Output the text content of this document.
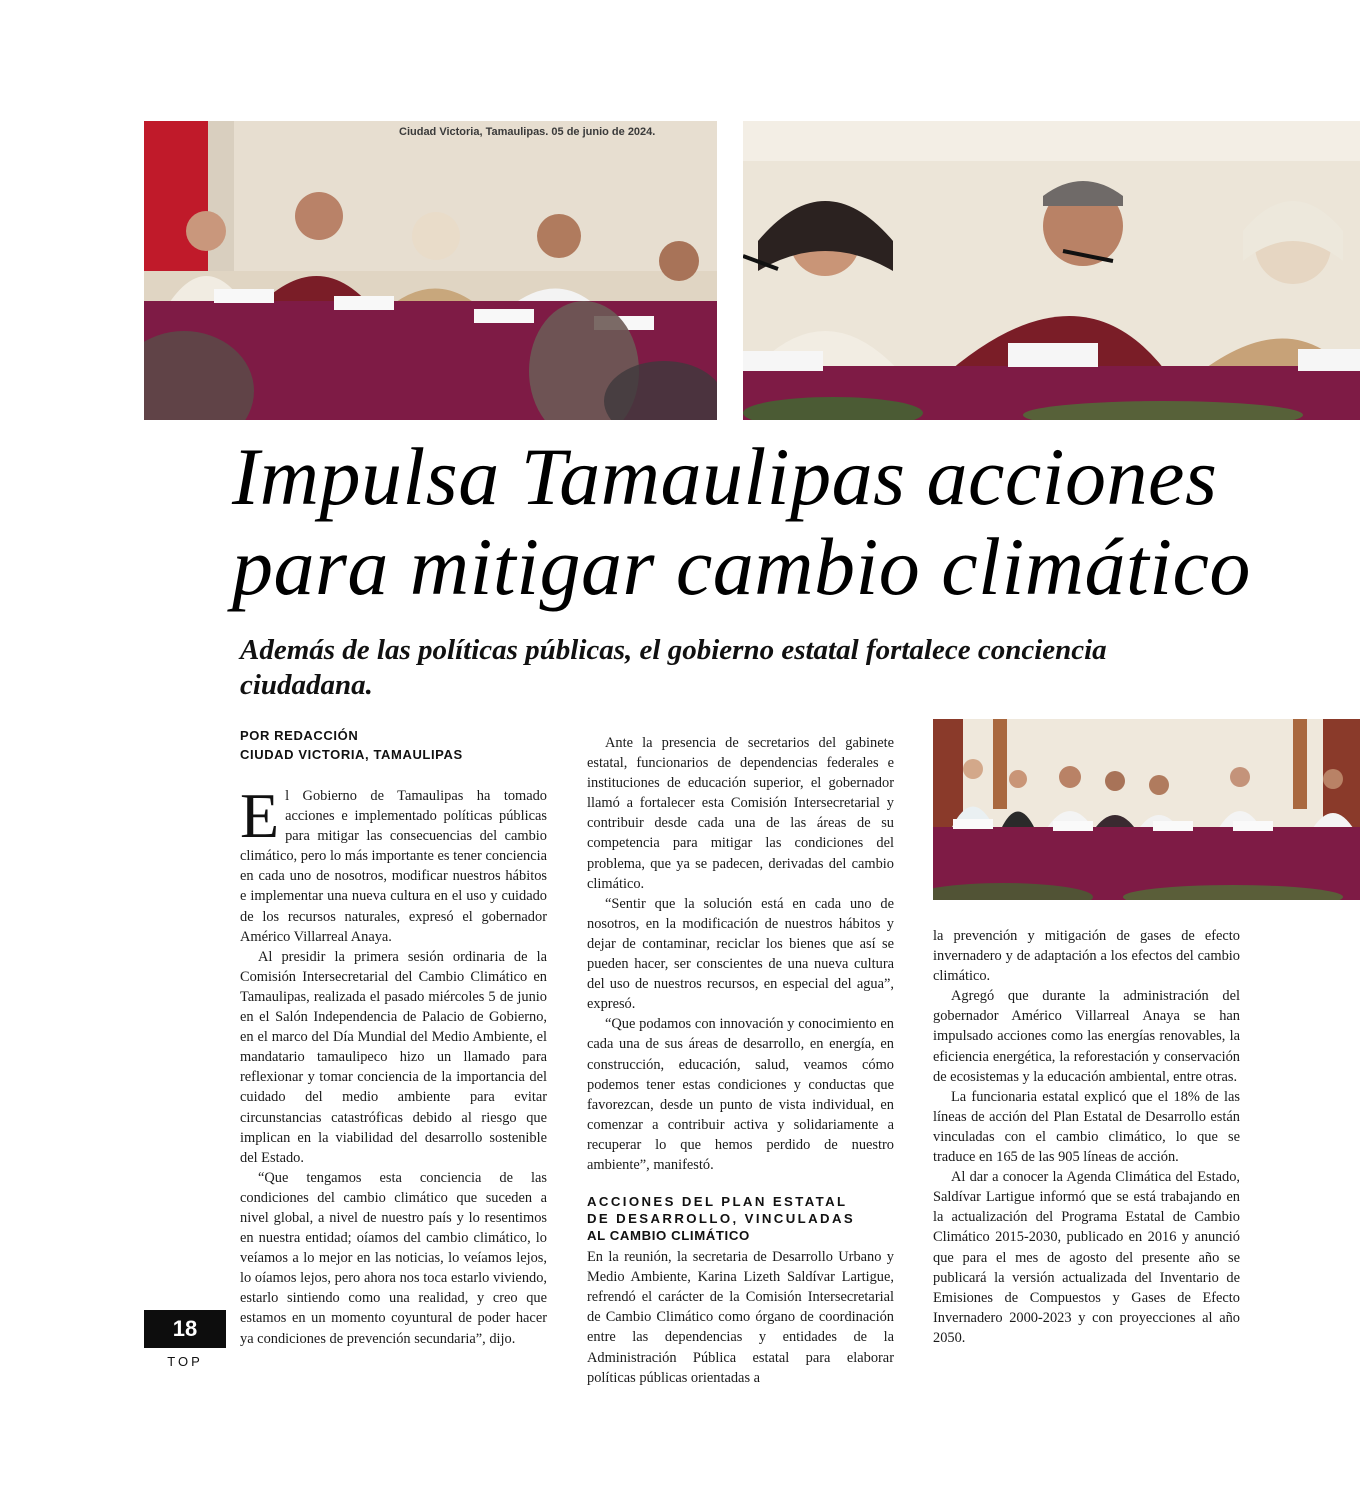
Ciudad Victoria, Tamaulipas. 05 de junio de 2024.
Impulsa Tamaulipas acciones
para mitigar cambio climático
Además de las políticas públicas, el gobierno estatal fortalece conciencia ciudadana.
POR REDACCIÓN
CIUDAD VICTORIA, TAMAULIPAS

El Gobierno de Tamaulipas ha tomado acciones e implementado políticas públicas para mitigar las consecuencias del cambio climático, pero lo más importante es tener conciencia en cada uno de nosotros, modificar nuestros hábitos e implementar una nueva cultura en el uso y cuidado de los recursos naturales, expresó el gobernador Américo Villarreal Anaya.

Al presidir la primera sesión ordinaria de la Comisión Intersecretarial del Cambio Climático en Tamaulipas, realizada el pasado miércoles 5 de junio en el Salón Independencia de Palacio de Gobierno, en el marco del Día Mundial del Medio Ambiente, el mandatario tamaulipeco hizo un llamado para reflexionar y tomar conciencia de la importancia del cuidado del medio ambiente para evitar circunstancias catastróficas debido al riesgo que implican en la viabilidad del desarrollo sostenible del Estado.

“Que tengamos esta conciencia de las condiciones del cambio climático que suceden a nivel global, a nivel de nuestro país y lo resentimos en nuestra entidad; oíamos del cambio climático, lo veíamos a lo mejor en las noticias, lo veíamos lejos, lo oíamos lejos, pero ahora nos toca estarlo viviendo, estarlo sintiendo como una realidad, y creo que estamos en un momento coyuntural de poder hacer ya condiciones de prevención secundaria”, dijo.

Ante la presencia de secretarios del gabinete estatal, funcionarios de dependencias federales e instituciones de educación superior, el gobernador llamó a fortalecer esta Comisión Intersecretarial y contribuir desde cada una de las áreas de su competencia para mitigar las condiciones del problema, que ya se padecen, derivadas del cambio climático.

“Sentir que la solución está en cada uno de nosotros, en la modificación de nuestros hábitos y dejar de contaminar, reciclar los bienes que así se pueden hacer, ser conscientes de una nueva cultura del uso de nuestros recursos, en especial del agua”, expresó.

“Que podamos con innovación y conocimiento en cada una de sus áreas de desarrollo, en energía, en construcción, educación, salud, veamos cómo podemos tener estas condiciones y conductas que favorezcan, desde un punto de vista individual, en comenzar a contribuir activa y solidariamente a recuperar lo que hemos perdido de nuestro ambiente”, manifestó.

ACCIONES DEL PLAN ESTATAL
DE DESARROLLO, VINCULADAS
AL CAMBIO CLIMÁTICO

En la reunión, la secretaria de Desarrollo Urbano y Medio Ambiente, Karina Lizeth Saldívar Lartigue, refrendó el carácter de la Comisión Intersecretarial de Cambio Climático como órgano de coordinación entre las dependencias y entidades de la Administración Pública estatal para elaborar políticas públicas orientadas a

la prevención y mitigación de gases de efecto invernadero y de adaptación a los efectos del cambio climático.

Agregó que durante la administración del gobernador Américo Villarreal Anaya se han impulsado acciones como las energías renovables, la eficiencia energética, la reforestación y conservación de ecosistemas y la educación ambiental, entre otras.

La funcionaria estatal explicó que el 18% de las líneas de acción del Plan Estatal de Desarrollo están vinculadas con el cambio climático, lo que se traduce en 165 de las 905 líneas de acción.

Al dar a conocer la Agenda Climática del Estado, Saldívar Lartigue informó que se está trabajando en la actualización del Programa Estatal de Cambio Climático 2015-2030, publicado en 2016 y anunció que para el mes de agosto del presente año se publicará la versión actualizada del Inventario de Emisiones de Compuestos y Gases de Efecto Invernadero 2000-2023 y con proyecciones al año 2050.

18
TOP
